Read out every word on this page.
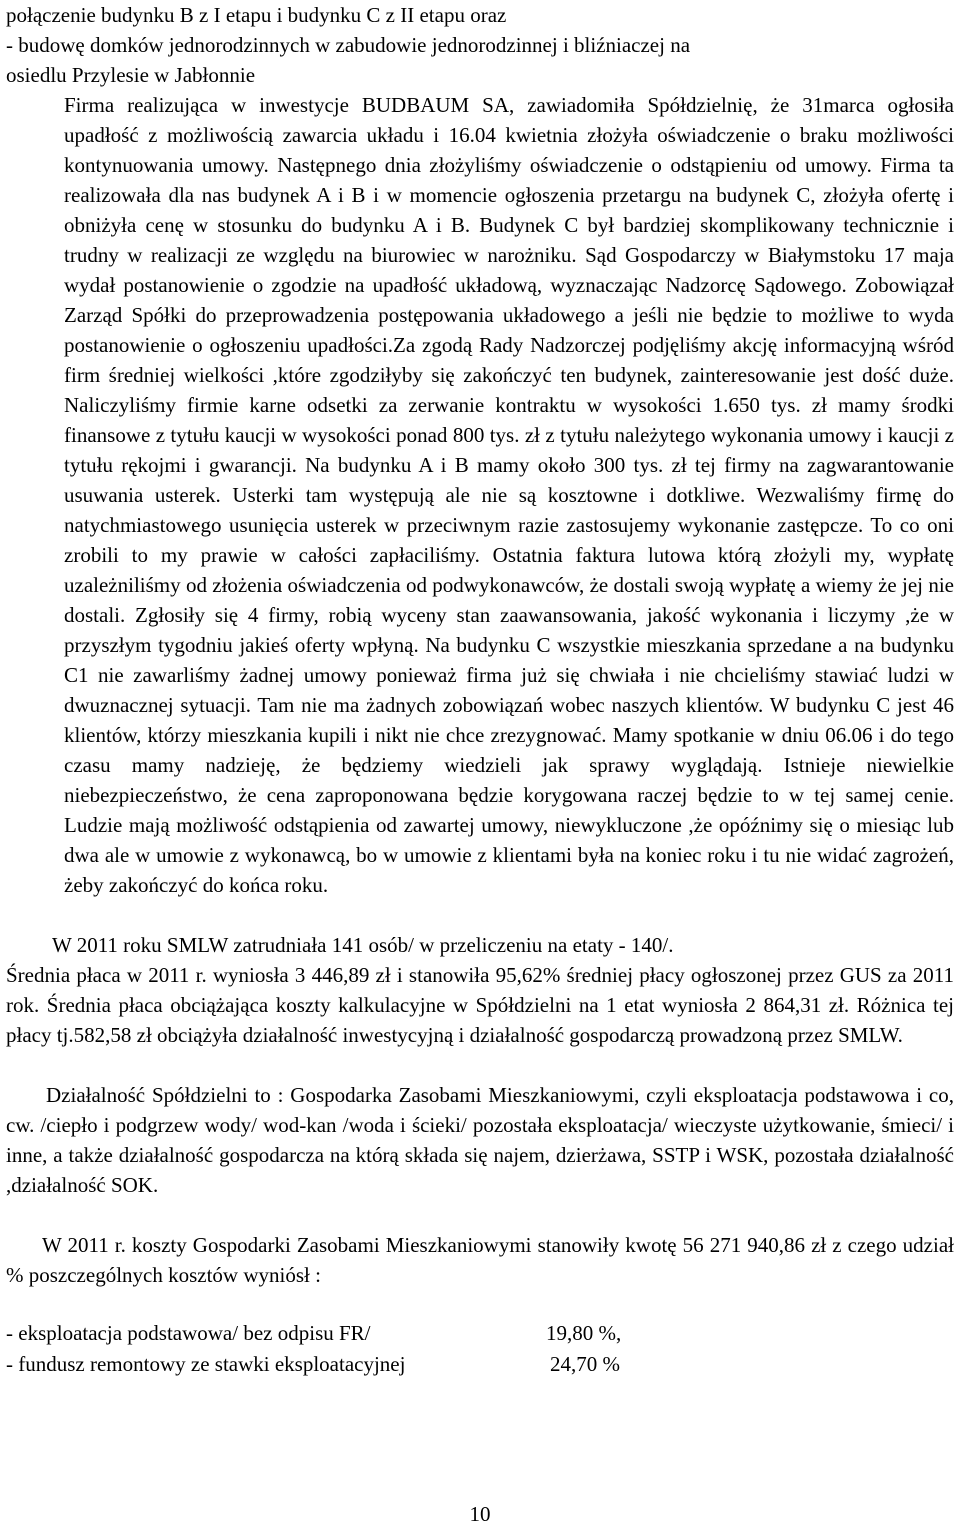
połączenie budynku B z I etapu i budynku C z II etapu oraz
- budowę domków jednorodzinnych w zabudowie jednorodzinnej i bliźniaczej na
osiedlu Przylesie w Jabłonnie

Firma realizująca w inwestycje BUDBAUM SA, zawiadomiła Spółdzielnię, że 31marca ogłosiła upadłość z możliwością zawarcia układu i 16.04 kwietnia złożyła oświadczenie o braku możliwości kontynuowania umowy. Następnego dnia złożyliśmy oświadczenie o odstąpieniu od umowy. Firma ta realizowała dla nas budynek A i B i w momencie ogłoszenia przetargu na budynek C, złożyła ofertę i obniżyła cenę w stosunku do budynku A i B. Budynek C był bardziej skomplikowany technicznie i trudny w realizacji ze względu na biurowiec w narożniku. Sąd Gospodarczy w Białymstoku 17 maja wydał postanowienie o zgodzie na upadłość układową, wyznaczając Nadzorcę Sądowego. Zobowiązał Zarząd Spółki do przeprowadzenia postępowania układowego a jeśli nie będzie to możliwe to wyda postanowienie o ogłoszeniu upadłości.Za zgodą Rady Nadzorczej podjęliśmy akcję informacyjną wśród firm średniej wielkości ,które zgodziłyby się zakończyć ten budynek, zainteresowanie jest dość duże. Naliczyliśmy firmie karne odsetki za zerwanie kontraktu w wysokości 1.650 tys. zł mamy środki finansowe z tytułu kaucji w wysokości ponad 800 tys. zł z tytułu należytego wykonania umowy i kaucji z tytułu rękojmi i gwarancji. Na budynku A i B mamy około 300 tys. zł tej firmy na zagwarantowanie usuwania usterek. Usterki tam występują ale nie są kosztowne i dotkliwe. Wezwaliśmy firmę do natychmiastowego usunięcia usterek w przeciwnym razie zastosujemy wykonanie zastępcze. To co oni zrobili to my prawie w całości zapłaciliśmy. Ostatnia faktura lutowa którą złożyli my, wypłatę uzależniliśmy od złożenia oświadczenia od podwykonawców, że dostali swoją wypłatę a wiemy że jej nie dostali. Zgłosiły się 4 firmy, robią wyceny stan zaawansowania, jakość wykonania i liczymy ,że w przyszłym tygodniu jakieś oferty wpłyną. Na budynku C wszystkie mieszkania sprzedane a na budynku C1 nie zawarliśmy żadnej umowy ponieważ firma już się chwiała i nie chcieliśmy stawiać ludzi w dwuznacznej sytuacji. Tam nie ma żadnych zobowiązań wobec naszych klientów. W budynku C jest 46 klientów, którzy mieszkania kupili i nikt nie chce zrezygnować. Mamy spotkanie w dniu 06.06 i do tego czasu mamy nadzieję, że będziemy wiedzieli jak sprawy wyglądają. Istnieje niewielkie niebezpieczeństwo, że cena zaproponowana będzie korygowana raczej będzie to w tej samej cenie. Ludzie mają możliwość odstąpienia od zawartej umowy, niewykluczone ,że opóźnimy się o miesiąc lub dwa ale w umowie z wykonawcą, bo w umowie z klientami była na koniec roku i tu nie widać zagrożeń, żeby zakończyć do końca roku.

W 2011 roku SMLW zatrudniała 141 osób/ w przeliczeniu na etaty - 140/.

Średnia płaca w 2011 r. wyniosła 3 446,89 zł i stanowiła 95,62% średniej płacy ogłoszonej przez GUS za 2011 rok. Średnia płaca obciążająca koszty kalkulacyjne w Spółdzielni na 1 etat wyniosła 2 864,31 zł. Różnica tej płacy tj.582,58 zł obciążyła działalność inwestycyjną i działalność gospodarczą prowadzoną przez SMLW.

Działalność Spółdzielni to : Gospodarka Zasobami Mieszkaniowymi, czyli eksploatacja podstawowa i co, cw. /ciepło i podgrzew wody/ wod-kan /woda i ścieki/ pozostała eksploatacja/ wieczyste użytkowanie, śmieci/ i inne, a także działalność gospodarcza na którą składa się najem, dzierżawa, SSTP i WSK, pozostała działalność ,działalność SOK.

W 2011 r. koszty Gospodarki Zasobami Mieszkaniowymi stanowiły kwotę 56 271 940,86 zł z czego udział % poszczególnych kosztów wyniósł :

- eksploatacja podstawowa/ bez odpisu FR/	19,80 %,
- fundusz remontowy ze stawki eksploatacyjnej	24,70 %
10
